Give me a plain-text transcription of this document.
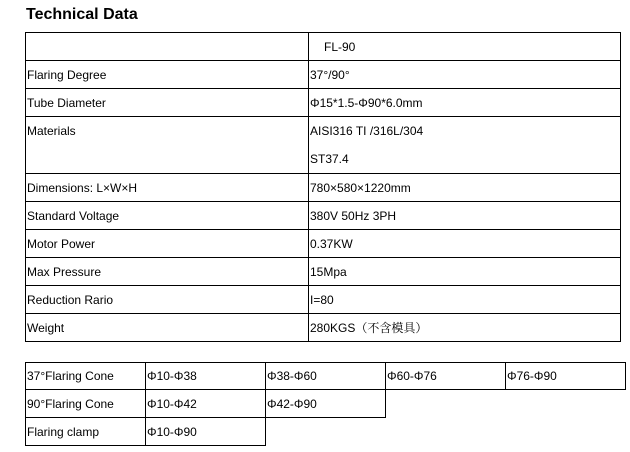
Technical Data
	FL-90
Flaring Degree	37°/90°
Tube Diameter	Φ15*1.5-Φ90*6.0mm

Materials	AISI316 TI /316L/304
ST37.4

Dimensions: L×W×H	780×580×1220mm
Standard Voltage	380V 50Hz 3PH
Motor Power	0.37KW
Max Pressure	15Mpa
Reduction Rario	I=80
Weight	280KGS（不含模具）
37°Flaring Cone	Φ10-Φ38	Φ38-Φ60	Φ60-Φ76	Φ76-Φ90
90°Flaring Cone	Φ10-Φ42	Φ42-Φ90		
Flaring clamp	Φ10-Φ90			
